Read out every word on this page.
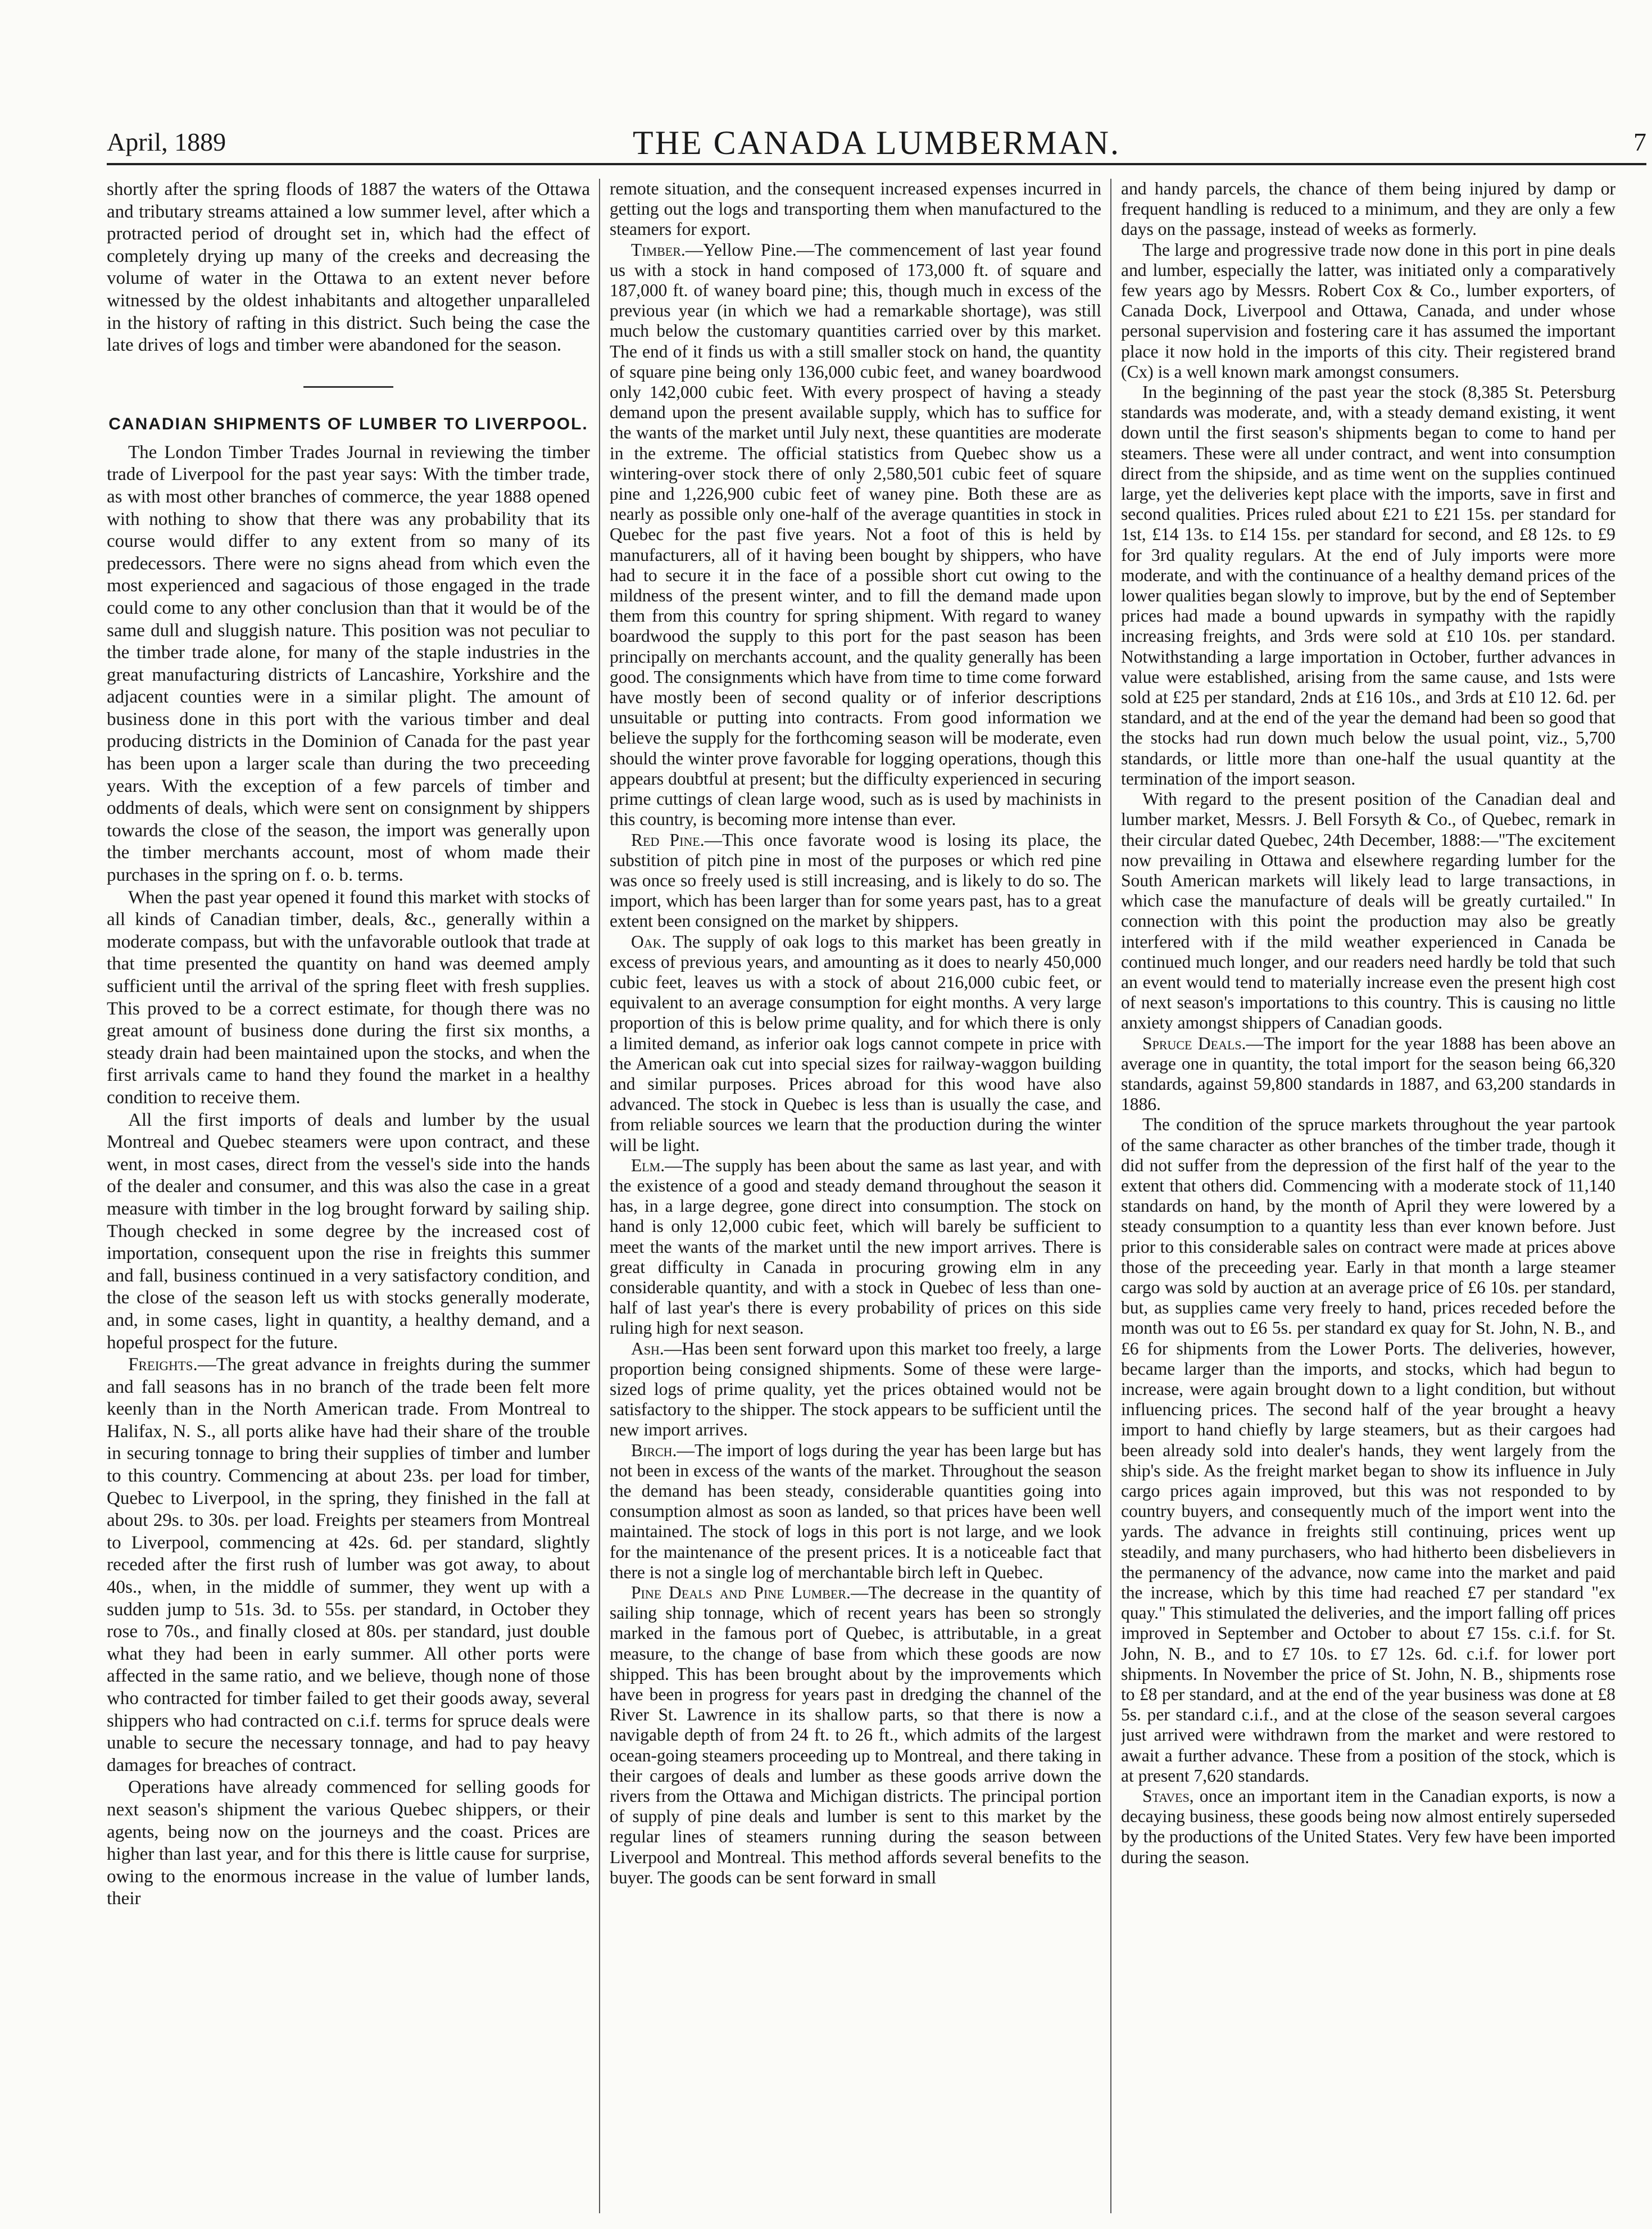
April, 1889	THE CANADA LUMBERMAN.	7

shortly after the spring floods of 1887 the waters of the Ottawa and tributary streams attained a low summer level, after which a protracted period of drought set in, which had the effect of completely drying up many of the creeks and decreasing the volume of water in the Ottawa to an extent never before witnessed by the oldest inhabitants and altogether unparalleled in the history of rafting in this district. Such being the case the late drives of logs and timber were abandoned for the season.

CANADIAN SHIPMENTS OF LUMBER TO LIVERPOOL.

The London Timber Trades Journal in reviewing the timber trade of Liverpool for the past year says: With the timber trade, as with most other branches of commerce, the year 1888 opened with nothing to show that there was any probability that its course would differ to any extent from so many of its predecessors. There were no signs ahead from which even the most experienced and sagacious of those engaged in the trade could come to any other conclusion than that it would be of the same dull and sluggish nature. This position was not peculiar to the timber trade alone, for many of the staple industries in the great manufacturing districts of Lancashire, Yorkshire and the adjacent counties were in a similar plight. The amount of business done in this port with the various timber and deal producing districts in the Dominion of Canada for the past year has been upon a larger scale than during the two preceeding years. With the exception of a few parcels of timber and oddments of deals, which were sent on consignment by shippers towards the close of the season, the import was generally upon the timber merchants account, most of whom made their purchases in the spring on f. o. b. terms.

When the past year opened it found this market with stocks of all kinds of Canadian timber, deals, &c., generally within a moderate compass, but with the unfavorable outlook that trade at that time presented the quantity on hand was deemed amply sufficient until the arrival of the spring fleet with fresh supplies. This proved to be a correct estimate, for though there was no great amount of business done during the first six months, a steady drain had been maintained upon the stocks, and when the first arrivals came to hand they found the market in a healthy condition to receive them.

All the first imports of deals and lumber by the usual Montreal and Quebec steamers were upon contract, and these went, in most cases, direct from the vessel's side into the hands of the dealer and consumer, and this was also the case in a great measure with timber in the log brought forward by sailing ship. Though checked in some degree by the increased cost of importation, consequent upon the rise in freights this summer and fall, business continued in a very satisfactory condition, and the close of the season left us with stocks generally moderate, and, in some cases, light in quantity, a healthy demand, and a hopeful prospect for the future.

Freights.—The great advance in freights during the summer and fall seasons has in no branch of the trade been felt more keenly than in the North American trade. From Montreal to Halifax, N. S., all ports alike have had their share of the trouble in securing tonnage to bring their supplies of timber and lumber to this country. Commencing at about 23s. per load for timber, Quebec to Liverpool, in the spring, they finished in the fall at about 29s. to 30s. per load. Freights per steamers from Montreal to Liverpool, commencing at 42s. 6d. per standard, slightly receded after the first rush of lumber was got away, to about 40s., when, in the middle of summer, they went up with a sudden jump to 51s. 3d. to 55s. per standard, in October they rose to 70s., and finally closed at 80s. per standard, just double what they had been in early summer. All other ports were affected in the same ratio, and we believe, though none of those who contracted for timber failed to get their goods away, several shippers who had contracted on c.i.f. terms for spruce deals were unable to secure the necessary tonnage, and had to pay heavy damages for breaches of contract.

Operations have already commenced for selling goods for next season's shipment the various Quebec shippers, or their agents, being now on the journeys and the coast. Prices are higher than last year, and for this there is little cause for surprise, owing to the enormous increase in the value of lumber lands, their

remote situation, and the consequent increased expenses incurred in getting out the logs and transporting them when manufactured to the steamers for export.

Timber.—Yellow Pine.—The commencement of last year found us with a stock in hand composed of 173,000 ft. of square and 187,000 ft. of waney board pine; this, though much in excess of the previous year (in which we had a remarkable shortage), was still much below the customary quantities carried over by this market. The end of it finds us with a still smaller stock on hand, the quantity of square pine being only 136,000 cubic feet, and waney boardwood only 142,000 cubic feet. With every prospect of having a steady demand upon the present available supply, which has to suffice for the wants of the market until July next, these quantities are moderate in the extreme. The official statistics from Quebec show us a wintering-over stock there of only 2,580,501 cubic feet of square pine and 1,226,900 cubic feet of waney pine. Both these are as nearly as possible only one-half of the average quantities in stock in Quebec for the past five years. Not a foot of this is held by manufacturers, all of it having been bought by shippers, who have had to secure it in the face of a possible short cut owing to the mildness of the present winter, and to fill the demand made upon them from this country for spring shipment. With regard to waney boardwood the supply to this port for the past season has been principally on merchants account, and the quality generally has been good. The consignments which have from time to time come forward have mostly been of second quality or of inferior descriptions unsuitable or putting into contracts. From good information we believe the supply for the forthcoming season will be moderate, even should the winter prove favorable for logging operations, though this appears doubtful at present; but the difficulty experienced in securing prime cuttings of clean large wood, such as is used by machinists in this country, is becoming more intense than ever.

Red Pine.—This once favorate wood is losing its place, the substition of pitch pine in most of the purposes or which red pine was once so freely used is still increasing, and is likely to do so. The import, which has been larger than for some years past, has to a great extent been consigned on the market by shippers.

Oak. The supply of oak logs to this market has been greatly in excess of previous years, and amounting as it does to nearly 450,000 cubic feet, leaves us with a stock of about 216,000 cubic feet, or equivalent to an average consumption for eight months. A very large proportion of this is below prime quality, and for which there is only a limited demand, as inferior oak logs cannot compete in price with the American oak cut into special sizes for railway-waggon building and similar purposes. Prices abroad for this wood have also advanced. The stock in Quebec is less than is usually the case, and from reliable sources we learn that the production during the winter will be light.

Elm.—The supply has been about the same as last year, and with the existence of a good and steady demand throughout the season it has, in a large degree, gone direct into consumption. The stock on hand is only 12,000 cubic feet, which will barely be sufficient to meet the wants of the market until the new import arrives. There is great difficulty in Canada in procuring growing elm in any considerable quantity, and with a stock in Quebec of less than one-half of last year's there is every probability of prices on this side ruling high for next season.

Ash.—Has been sent forward upon this market too freely, a large proportion being consigned shipments. Some of these were large-sized logs of prime quality, yet the prices obtained would not be satisfactory to the shipper. The stock appears to be sufficient until the new import arrives.

Birch.—The import of logs during the year has been large but has not been in excess of the wants of the market. Throughout the season the demand has been steady, considerable quantities going into consumption almost as soon as landed, so that prices have been well maintained. The stock of logs in this port is not large, and we look for the maintenance of the present prices. It is a noticeable fact that there is not a single log of merchantable birch left in Quebec.

Pine Deals and Pine Lumber.—The decrease in the quantity of sailing ship tonnage, which of recent years has been so strongly marked in the famous port of Quebec, is attributable, in a great measure, to the change of base from which these goods are now shipped. This has been brought about by the improvements which have been in progress for years past in dredging the channel of the River St. Lawrence in its shallow parts, so that there is now a navigable depth of from 24 ft. to 26 ft., which admits of the largest ocean-going steamers proceeding up to Montreal, and there taking in their cargoes of deals and lumber as these goods arrive down the rivers from the Ottawa and Michigan districts. The principal portion of supply of pine deals and lumber is sent to this market by the regular lines of steamers running during the season between Liverpool and Montreal. This method affords several benefits to the buyer. The goods can be sent forward in small

and handy parcels, the chance of them being injured by damp or frequent handling is reduced to a minimum, and they are only a few days on the passage, instead of weeks as formerly.

The large and progressive trade now done in this port in pine deals and lumber, especially the latter, was initiated only a comparatively few years ago by Messrs. Robert Cox & Co., lumber exporters, of Canada Dock, Liverpool and Ottawa, Canada, and under whose personal supervision and fostering care it has assumed the important place it now hold in the imports of this city. Their registered brand (Cx) is a well known mark amongst consumers.

In the beginning of the past year the stock (8,385 St. Petersburg standards was moderate, and, with a steady demand existing, it went down until the first season's shipments began to come to hand per steamers. These were all under contract, and went into consumption direct from the shipside, and as time went on the supplies continued large, yet the deliveries kept place with the imports, save in first and second qualities. Prices ruled about £21 to £21 15s. per standard for 1st, £14 13s. to £14 15s. per standard for second, and £8 12s. to £9 for 3rd quality regulars. At the end of July imports were more moderate, and with the continuance of a healthy demand prices of the lower qualities began slowly to improve, but by the end of September prices had made a bound upwards in sympathy with the rapidly increasing freights, and 3rds were sold at £10 10s. per standard. Notwithstanding a large importation in October, further advances in value were established, arising from the same cause, and 1sts were sold at £25 per standard, 2nds at £16 10s., and 3rds at £10 12. 6d. per standard, and at the end of the year the demand had been so good that the stocks had run down much below the usual point, viz., 5,700 standards, or little more than one-half the usual quantity at the termination of the import season.

With regard to the present position of the Canadian deal and lumber market, Messrs. J. Bell Forsyth & Co., of Quebec, remark in their circular dated Quebec, 24th December, 1888:—"The excitement now prevailing in Ottawa and elsewhere regarding lumber for the South American markets will likely lead to large transactions, in which case the manufacture of deals will be greatly curtailed." In connection with this point the production may also be greatly interfered with if the mild weather experienced in Canada be continued much longer, and our readers need hardly be told that such an event would tend to materially increase even the present high cost of next season's importations to this country. This is causing no little anxiety amongst shippers of Canadian goods.

Spruce Deals.—The import for the year 1888 has been above an average one in quantity, the total import for the season being 66,320 standards, against 59,800 standards in 1887, and 63,200 standards in 1886.

The condition of the spruce markets throughout the year partook of the same character as other branches of the timber trade, though it did not suffer from the depression of the first half of the year to the extent that others did. Commencing with a moderate stock of 11,140 standards on hand, by the month of April they were lowered by a steady consumption to a quantity less than ever known before. Just prior to this considerable sales on contract were made at prices above those of the preceeding year. Early in that month a large steamer cargo was sold by auction at an average price of £6 10s. per standard, but, as supplies came very freely to hand, prices receded before the month was out to £6 5s. per standard ex quay for St. John, N. B., and £6 for shipments from the Lower Ports. The deliveries, however, became larger than the imports, and stocks, which had begun to increase, were again brought down to a light condition, but without influencing prices. The second half of the year brought a heavy import to hand chiefly by large steamers, but as their cargoes had been already sold into dealer's hands, they went largely from the ship's side. As the freight market began to show its influence in July cargo prices again improved, but this was not responded to by country buyers, and consequently much of the import went into the yards. The advance in freights still continuing, prices went up steadily, and many purchasers, who had hitherto been disbelievers in the permanency of the advance, now came into the market and paid the increase, which by this time had reached £7 per standard "ex quay." This stimulated the deliveries, and the import falling off prices improved in September and October to about £7 15s. c.i.f. for St. John, N. B., and to £7 10s. to £7 12s. 6d. c.i.f. for lower port shipments. In November the price of St. John, N. B., shipments rose to £8 per standard, and at the end of the year business was done at £8 5s. per standard c.i.f., and at the close of the season several cargoes just arrived were withdrawn from the market and were restored to await a further advance. These from a position of the stock, which is at present 7,620 standards.

Staves, once an important item in the Canadian exports, is now a decaying business, these goods being now almost entirely superseded by the productions of the United States. Very few have been imported during the season.
